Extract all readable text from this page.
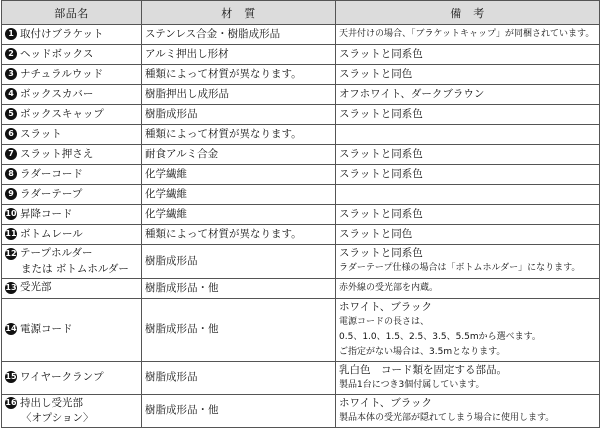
部品名	材　質	備　考
1 取付けブラケット	ステンレス合金・樹脂成形品	天井付けの場合、「ブラケットキャップ」が同梱されています。

2 ヘッドボックス	アルミ押出し形材	スラットと同系色

3 ナチュラルウッド	種類によって材質が異なります。	スラットと同色

4 ボックスカバー	樹脂押出し成形品	オフホワイト、ダークブラウン

5 ボックスキャップ	樹脂成形品	スラットと同系色

6 スラット	種類によって材質が異なります。	
7 スラット押さえ	耐食アルミ合金	スラットと同系色

8 ラダーコード	化学繊維	スラットと同系色

9 ラダーテープ	化学繊維	
10 昇降コード	化学繊維	スラットと同系色

11 ボトムレール	種類によって材質が異なります。	スラットと同色

12 テープホルダー
または ボトムホルダー	樹脂成形品	スラットと同系色
ラダーテープ仕様の場合は「ボトムホルダー」になります。

13 受光部	樹脂成形品・他	赤外線の受光部を内蔵。

14 電源コード	樹脂成形品・他	ホワイト、ブラック
電源コードの長さは、
0.5、1.0、1.5、2.5、3.5、5.5mから選べます。
ご指定がない場合は、3.5mとなります。

15 ワイヤークランプ	樹脂成形品	乳白色　コード類を固定する部品。
製品1台につき3個付属しています。

16 持出し受光部
〈オプション〉	樹脂成形品・他	ホワイト、ブラック
製品本体の受光部が隠れてしまう場合に使用します。
